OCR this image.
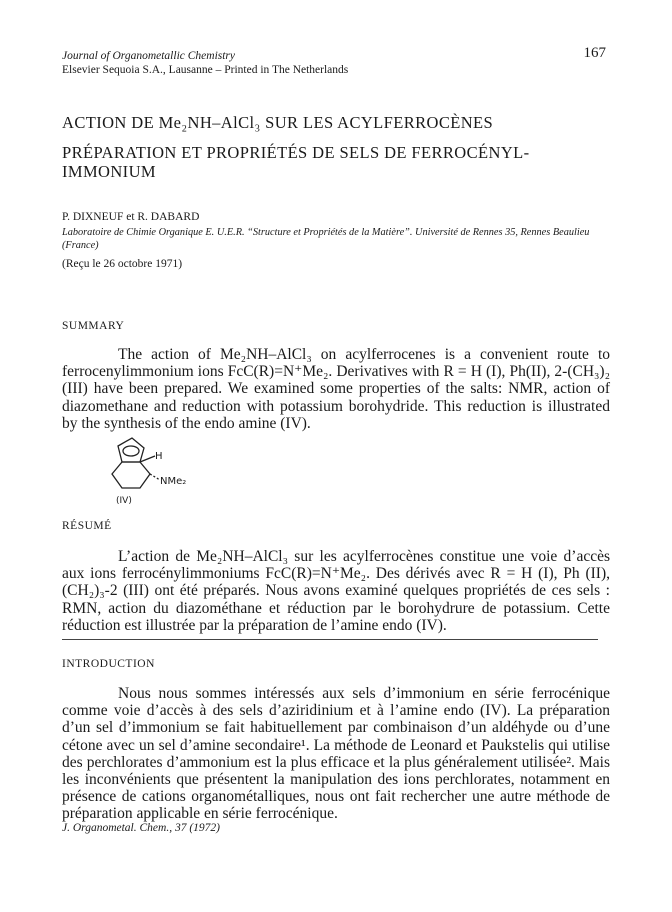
Journal of Organometallic Chemistry
Elsevier Sequoia S.A., Lausanne – Printed in The Netherlands
167
ACTION DE Me₂NH–AlCl₃ SUR LES ACYLFERROCÈNES
PRÉPARATION ET PROPRIÉTÉS DE SELS DE FERROCÉNYL-IMMONIUM
P. DIXNEUF et R. DABARD
Laboratoire de Chimie Organique E. U.E.R. “Structure et Propriétés de la Matière”. Université de Rennes 35, Rennes Beaulieu (France)
(Reçu le 26 octobre 1971)
SUMMARY
The action of Me₂NH–AlCl₃ on acylferrocenes is a convenient route to ferrocenylimmonium ions FcC(R)=N⁺Me₂. Derivatives with R = H (I), Ph(II), 2-(CH₃)₂ (III) have been prepared. We examined some properties of the salts: NMR, action of diazomethane and reduction with potassium borohydride. This reduction is illustrated by the synthesis of the endo amine (IV).
H
NMe₂
(IV)
RÉSUMÉ
L’action de Me₂NH–AlCl₃ sur les acylferrocènes constitue une voie d’accès aux ions ferrocénylimmoniums FcC(R)=N⁺Me₂. Des dérivés avec R = H (I), Ph (II), (CH₂)₃-2 (III) ont été préparés. Nous avons examiné quelques propriétés de ces sels : RMN, action du diazométhane et réduction par le borohydrure de potassium. Cette réduction est illustrée par la préparation de l’amine endo (IV).
INTRODUCTION
Nous nous sommes intéressés aux sels d’immonium en série ferrocénique comme voie d’accès à des sels d’aziridinium et à l’amine endo (IV). La préparation d’un sel d’immonium se fait habituellement par combinaison d’un aldéhyde ou d’une cétone avec un sel d’amine secondaire¹. La méthode de Leonard et Paukstelis qui utilise des perchlorates d’ammonium est la plus efficace et la plus généralement utilisée². Mais les inconvénients que présentent la manipulation des ions perchlorates, notamment en présence de cations organométalliques, nous ont fait rechercher une autre méthode de préparation applicable en série ferrocénique.
J. Organometal. Chem., 37 (1972)
